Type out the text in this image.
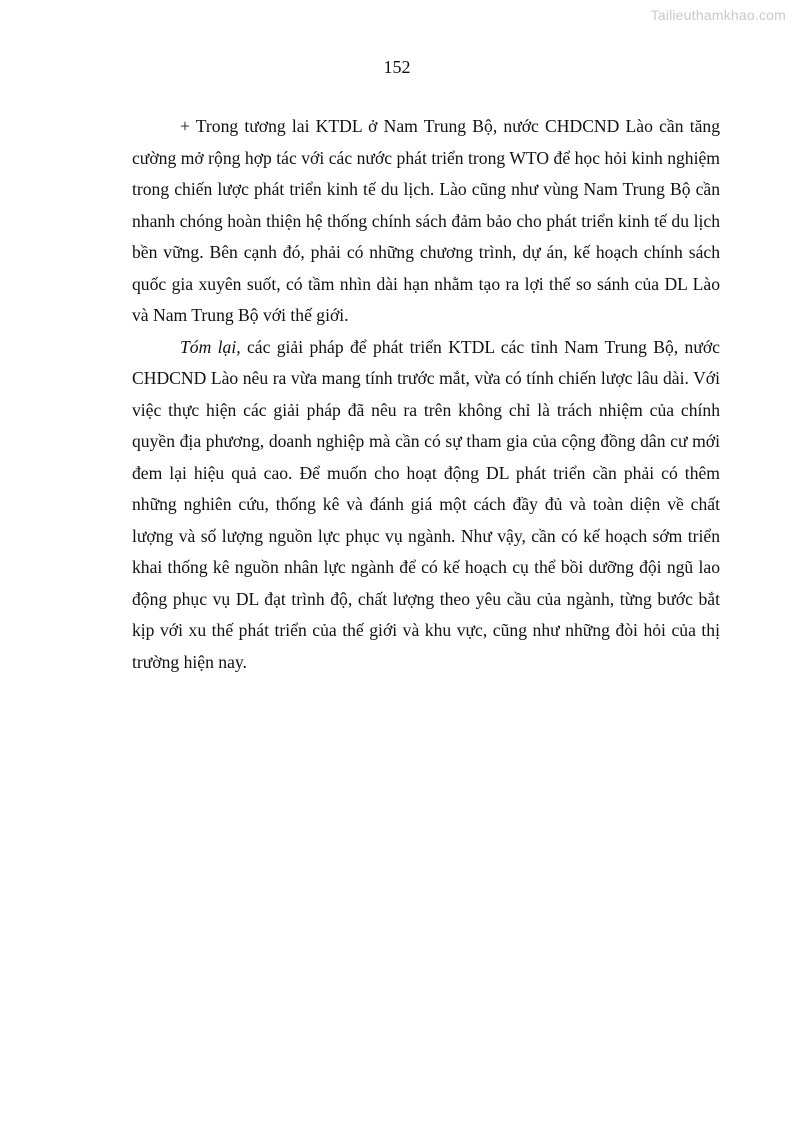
Tailieuthamkhao.com
152

+ Trong tương lai KTDL ở Nam Trung Bộ, nước CHDCND Lào cần tăng cường mở rộng hợp tác với các nước phát triển trong WTO để học hỏi kinh nghiệm trong chiến lược phát triển kinh tế du lịch. Lào cũng như vùng Nam Trung Bộ cần nhanh chóng hoàn thiện hệ thống chính sách đảm bảo cho phát triển kinh tế du lịch bền vững. Bên cạnh đó, phải có những chương trình, dự án, kế hoạch chính sách quốc gia xuyên suốt, có tầm nhìn dài hạn nhằm tạo ra lợi thế so sánh của DL Lào và Nam Trung Bộ với thế giới.

Tóm lại, các giải pháp để phát triển KTDL các tỉnh Nam Trung Bộ, nước CHDCND Lào nêu ra vừa mang tính trước mắt, vừa có tính chiến lược lâu dài. Với việc thực hiện các giải pháp đã nêu ra trên không chỉ là trách nhiệm của chính quyền địa phương, doanh nghiệp mà cần có sự tham gia của cộng đồng dân cư mới đem lại hiệu quả cao. Để muốn cho hoạt động DL phát triển cần phải có thêm những nghiên cứu, thống kê và đánh giá một cách đầy đủ và toàn diện về chất lượng và số lượng nguồn lực phục vụ ngành. Như vậy, cần có kế hoạch sớm triển khai thống kê nguồn nhân lực ngành để có kế hoạch cụ thể bồi dưỡng đội ngũ lao động phục vụ DL đạt trình độ, chất lượng theo yêu cầu của ngành, từng bước bắt kịp với xu thế phát triển của thế giới và khu vực, cũng như những đòi hỏi của thị trường hiện nay.
